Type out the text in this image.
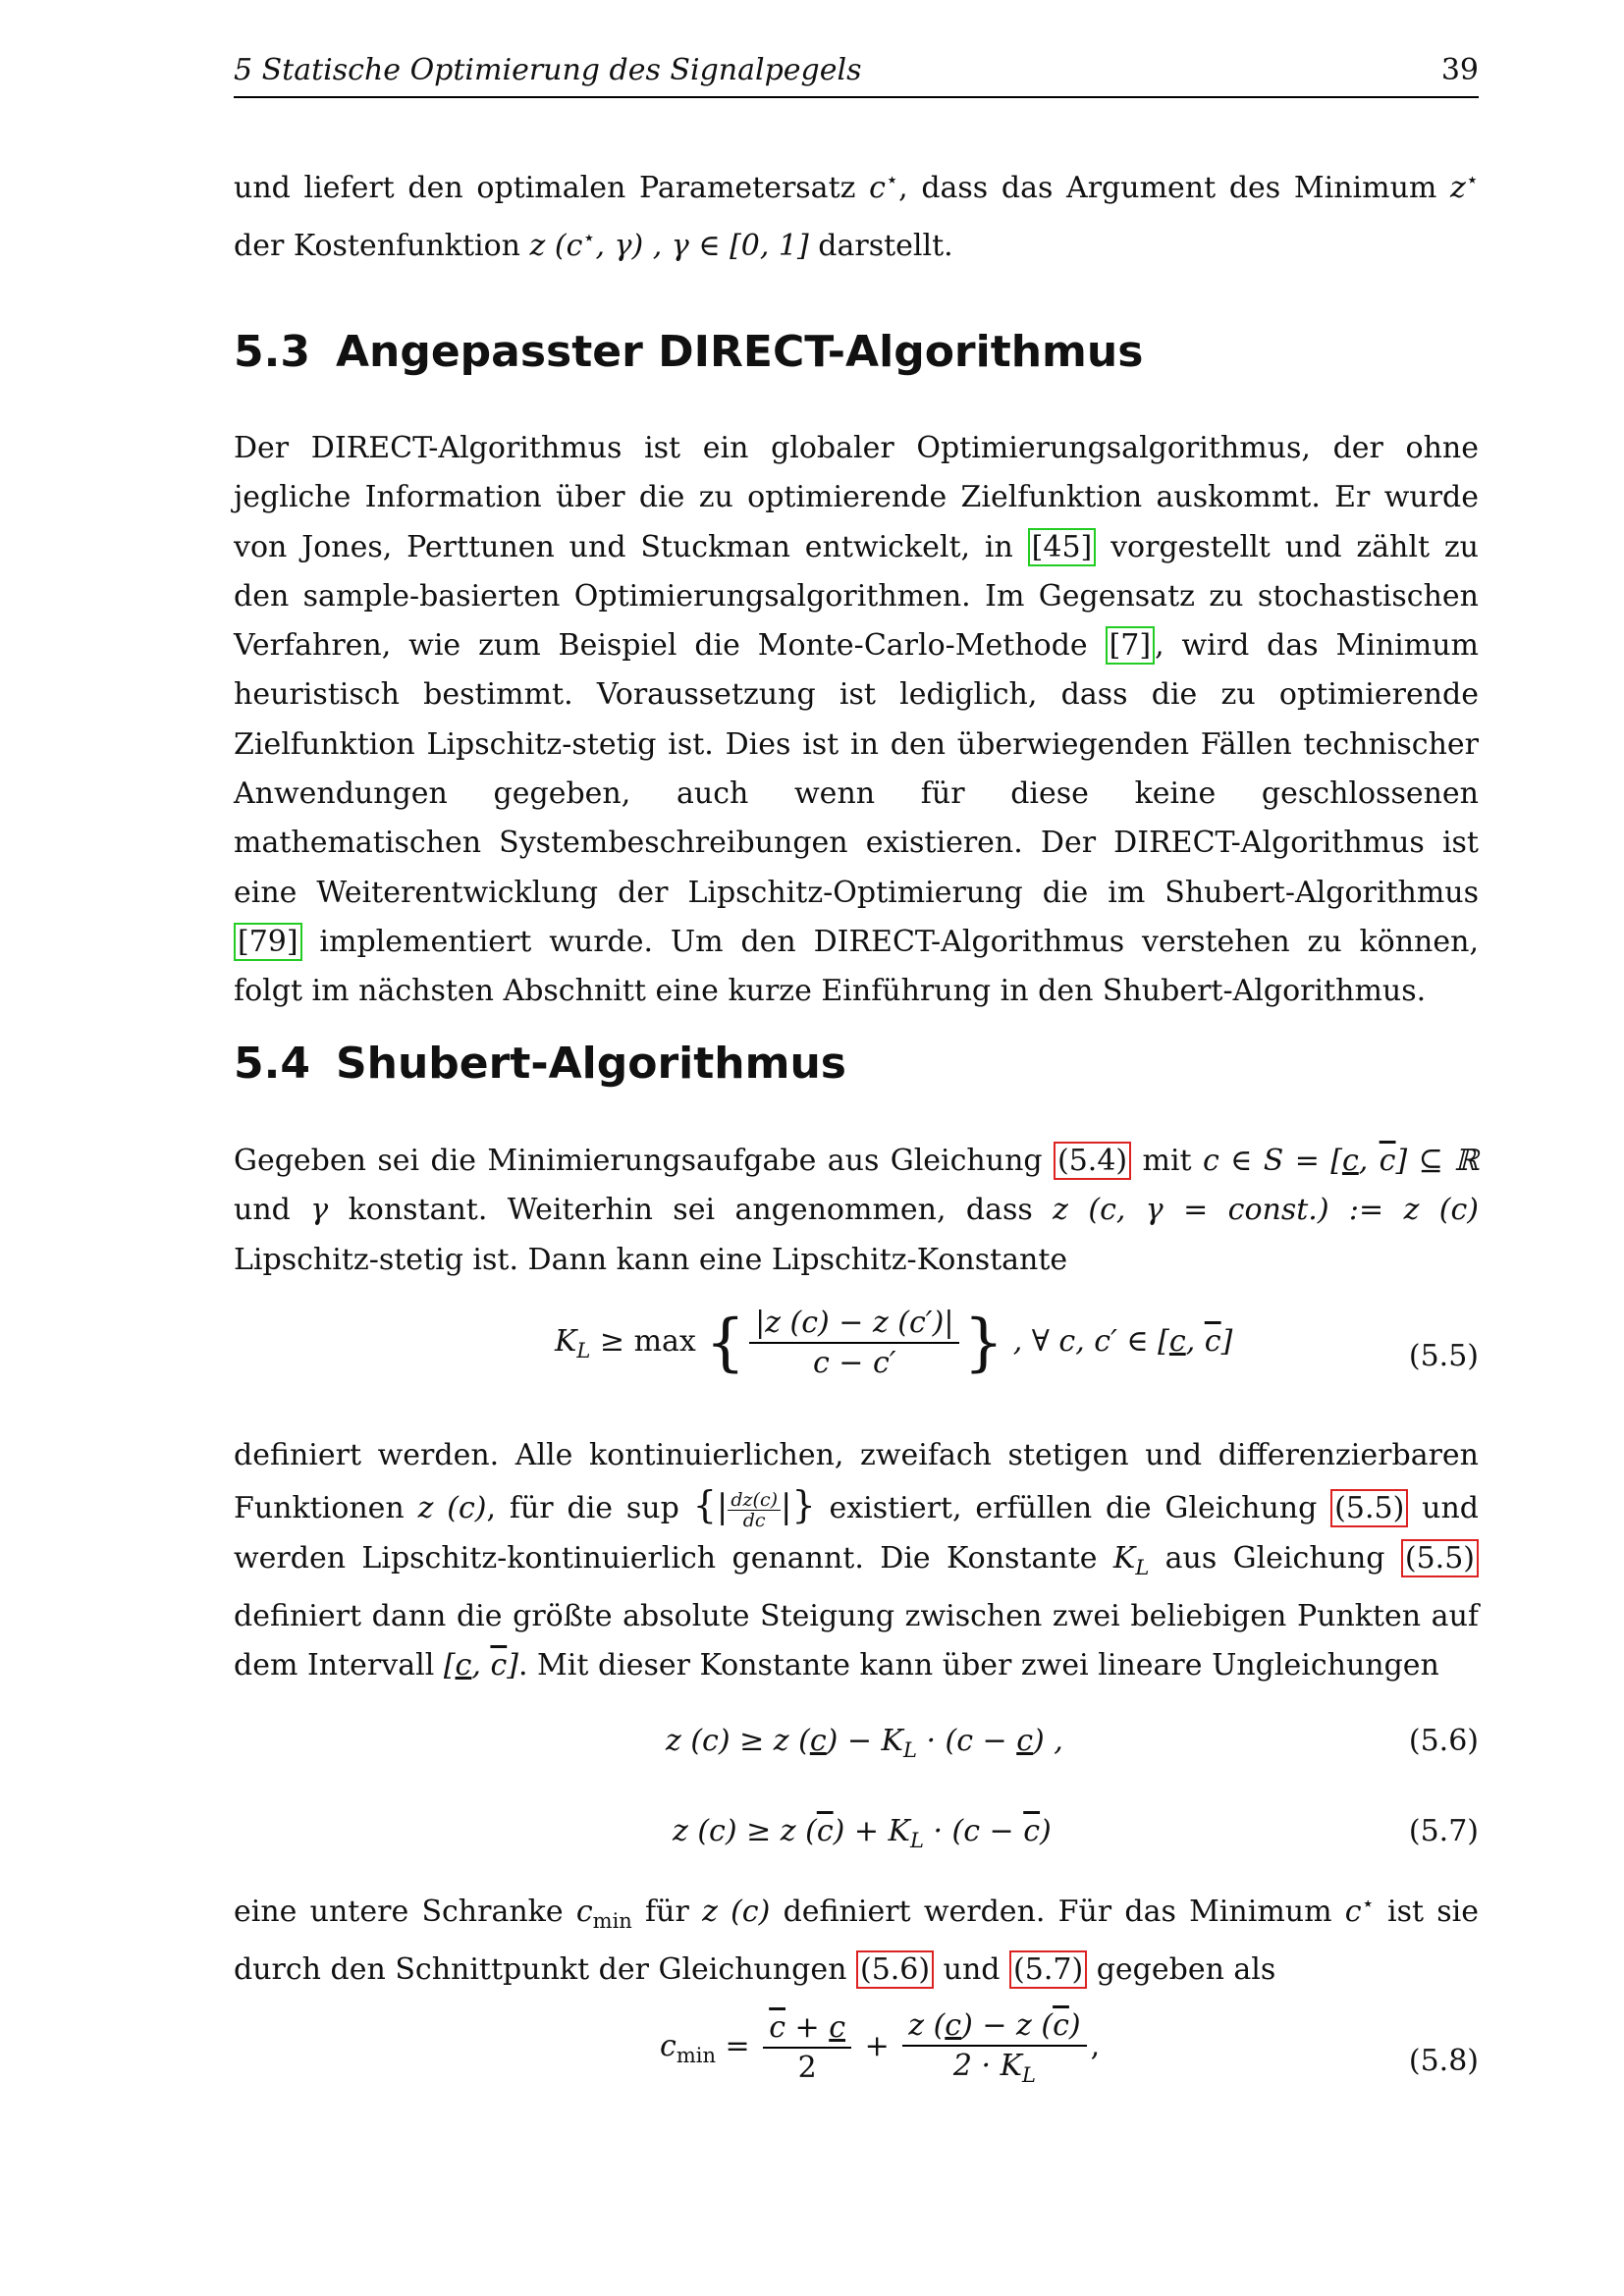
5 Statische Optimierung des Signalpegels	39
und liefert den optimalen Parametersatz c⋆, dass das Argument des Minimum z⋆ der Kostenfunktion z (c⋆, γ) , γ ∈ [0, 1] darstellt.
5.3 Angepasster DIRECT-Algorithmus
Der DIRECT-Algorithmus ist ein globaler Optimierungsalgorithmus, der ohne jegliche Information über die zu optimierende Zielfunktion auskommt. Er wurde von Jones, Perttunen und Stuckman entwickelt, in [45] vorgestellt und zählt zu den sample-basierten Optimierungsalgorithmen. Im Gegensatz zu stochastischen Verfahren, wie zum Beispiel die Monte-Carlo-Methode [7] , wird das Minimum heuristisch bestimmt. Voraussetzung ist lediglich, dass die zu optimierende Zielfunktion Lipschitz-stetig ist. Dies ist in den überwiegenden Fällen technischer Anwendungen gegeben, auch wenn für diese keine geschlossenen mathematischen Systembeschreibungen existieren. Der DIRECT-Algorithmus ist eine Weiterentwicklung der Lipschitz-Optimierung die im Shubert-Algorithmus [79] implementiert wurde. Um den DIRECT-Algorithmus verstehen zu können, folgt im nächsten Abschnitt eine kurze Einführung in den Shubert-Algorithmus.
5.4 Shubert-Algorithmus
Gegeben sei die Minimierungsaufgabe aus Gleichung (5.4) mit c ∈ S = [c, $\overline{c}$] ⊆ ℝ und γ konstant. Weiterhin sei angenommen, dass z (c, γ = const.) := z (c) Lipschitz-stetig ist. Dann kann eine Lipschitz-Konstante
$K_L \ge \max$ { $\frac{|z (c) - z (c')|}{c - c'}$ } , ∀ c, c′ ∈ [c, $\overline{c}$]	(5.5)
definiert werden. Alle kontinuierlichen, zweifach stetigen und differenzierbaren Funktionen z (c), für die sup {| $\frac{dz(c)}{dc}$ |} existiert, erfüllen die Gleichung (5.5) und werden Lipschitz-kontinuierlich genannt. Die Konstante $K_L$ aus Gleichung (5.5) definiert dann die größte absolute Steigung zwischen zwei beliebigen Punkten auf dem Intervall [c, $\overline{c}$]. Mit dieser Konstante kann über zwei lineare Ungleichungen
z (c) ≥ z $(c) - K_L \cdot (c - c)$ ,	(5.6)
z (c) ≥ z $(\overline{c}) + K_L \cdot (c - \overline{c})$	(5.7)
eine untere Schranke $c_{min}$ für z (c) definiert werden. Für das Minimum c⋆ ist sie durch den Schnittpunkt der Gleichungen (5.6) und (5.7) gegeben als
$c_{min} = \frac{\overline{c} + c}{2} + \frac{z (c) - z (\overline{c})}{2 \cdot K_L}$ ,	(5.8)
